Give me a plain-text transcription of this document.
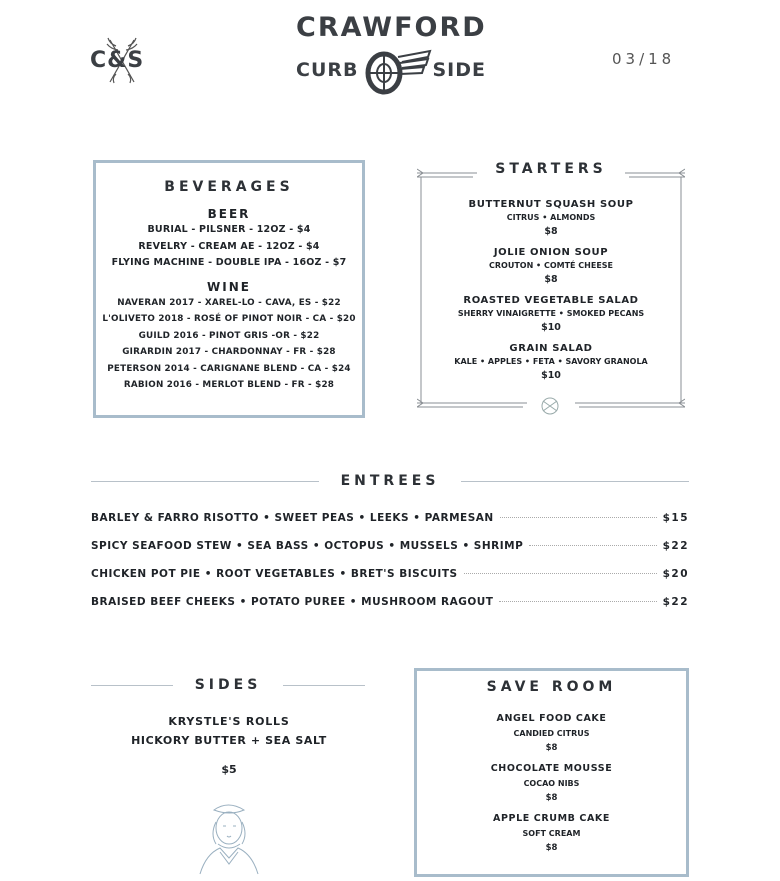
C&S
CRAWFORD
CURB	SIDE	03/18
BEVERAGES
BEER
BURIAL - PILSNER - 12OZ - $4
REVELRY - CREAM AE - 12OZ - $4
FLYING MACHINE - DOUBLE IPA - 16OZ - $7
WINE
NAVERAN 2017 - XAREL-LO - CAVA, ES - $22
L'OLIVETO 2018 - ROSÉ OF PINOT NOIR - CA - $20
GUILD 2016 - PINOT GRIS -OR - $22
GIRARDIN 2017 - CHARDONNAY - FR - $28
PETERSON 2014 - CARIGNANE BLEND - CA - $24
RABION 2016 - MERLOT BLEND - FR - $28
STARTERS
BUTTERNUT SQUASH SOUP
CITRUS • ALMONDS
$8
JOLIE ONION SOUP
CROUTON • COMTÉ CHEESE
$8
ROASTED VEGETABLE SALAD
SHERRY VINAIGRETTE • SMOKED PECANS
$10
GRAIN SALAD
KALE • APPLES • FETA • SAVORY GRANOLA
$10
ENTREES
BARLEY & FARRO RISOTTO • SWEET PEAS • LEEKS • PARMESAN	$15
SPICY SEAFOOD STEW • SEA BASS • OCTOPUS • MUSSELS • SHRIMP	$22
CHICKEN POT PIE • ROOT VEGETABLES • BRET'S BISCUITS	$20
BRAISED BEEF CHEEKS • POTATO PUREE • MUSHROOM RAGOUT	$22
SIDES
KRYSTLE'S ROLLS
HICKORY BUTTER + SEA SALT
$5
SAVE ROOM
ANGEL FOOD CAKE
CANDIED CITRUS
$8
CHOCOLATE MOUSSE
COCAO NIBS
$8
APPLE CRUMB CAKE
SOFT CREAM
$8
